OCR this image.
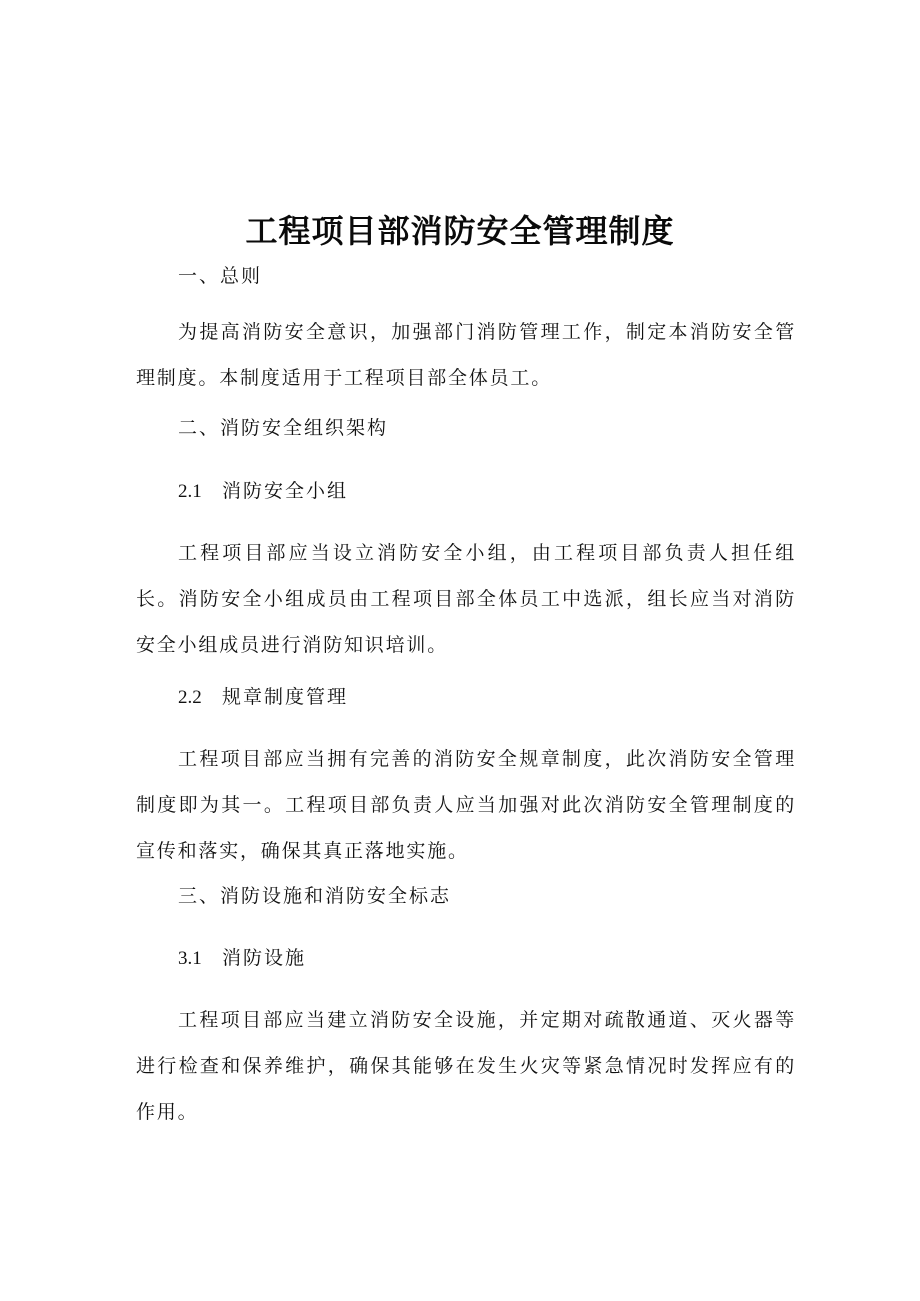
工程项目部消防安全管理制度

一、总则

为提高消防安全意识，加强部门消防管理工作，制定本消防安全管理制度。本制度适用于工程项目部全体员工。

二、消防安全组织架构

2.1 消防安全小组

工程项目部应当设立消防安全小组，由工程项目部负责人担任组长。消防安全小组成员由工程项目部全体员工中选派，组长应当对消防安全小组成员进行消防知识培训。

2.2 规章制度管理

工程项目部应当拥有完善的消防安全规章制度，此次消防安全管理制度即为其一。工程项目部负责人应当加强对此次消防安全管理制度的宣传和落实，确保其真正落地实施。

三、消防设施和消防安全标志

3.1 消防设施

工程项目部应当建立消防安全设施，并定期对疏散通道、灭火器等进行检查和保养维护，确保其能够在发生火灾等紧急情况时发挥应有的作用。
